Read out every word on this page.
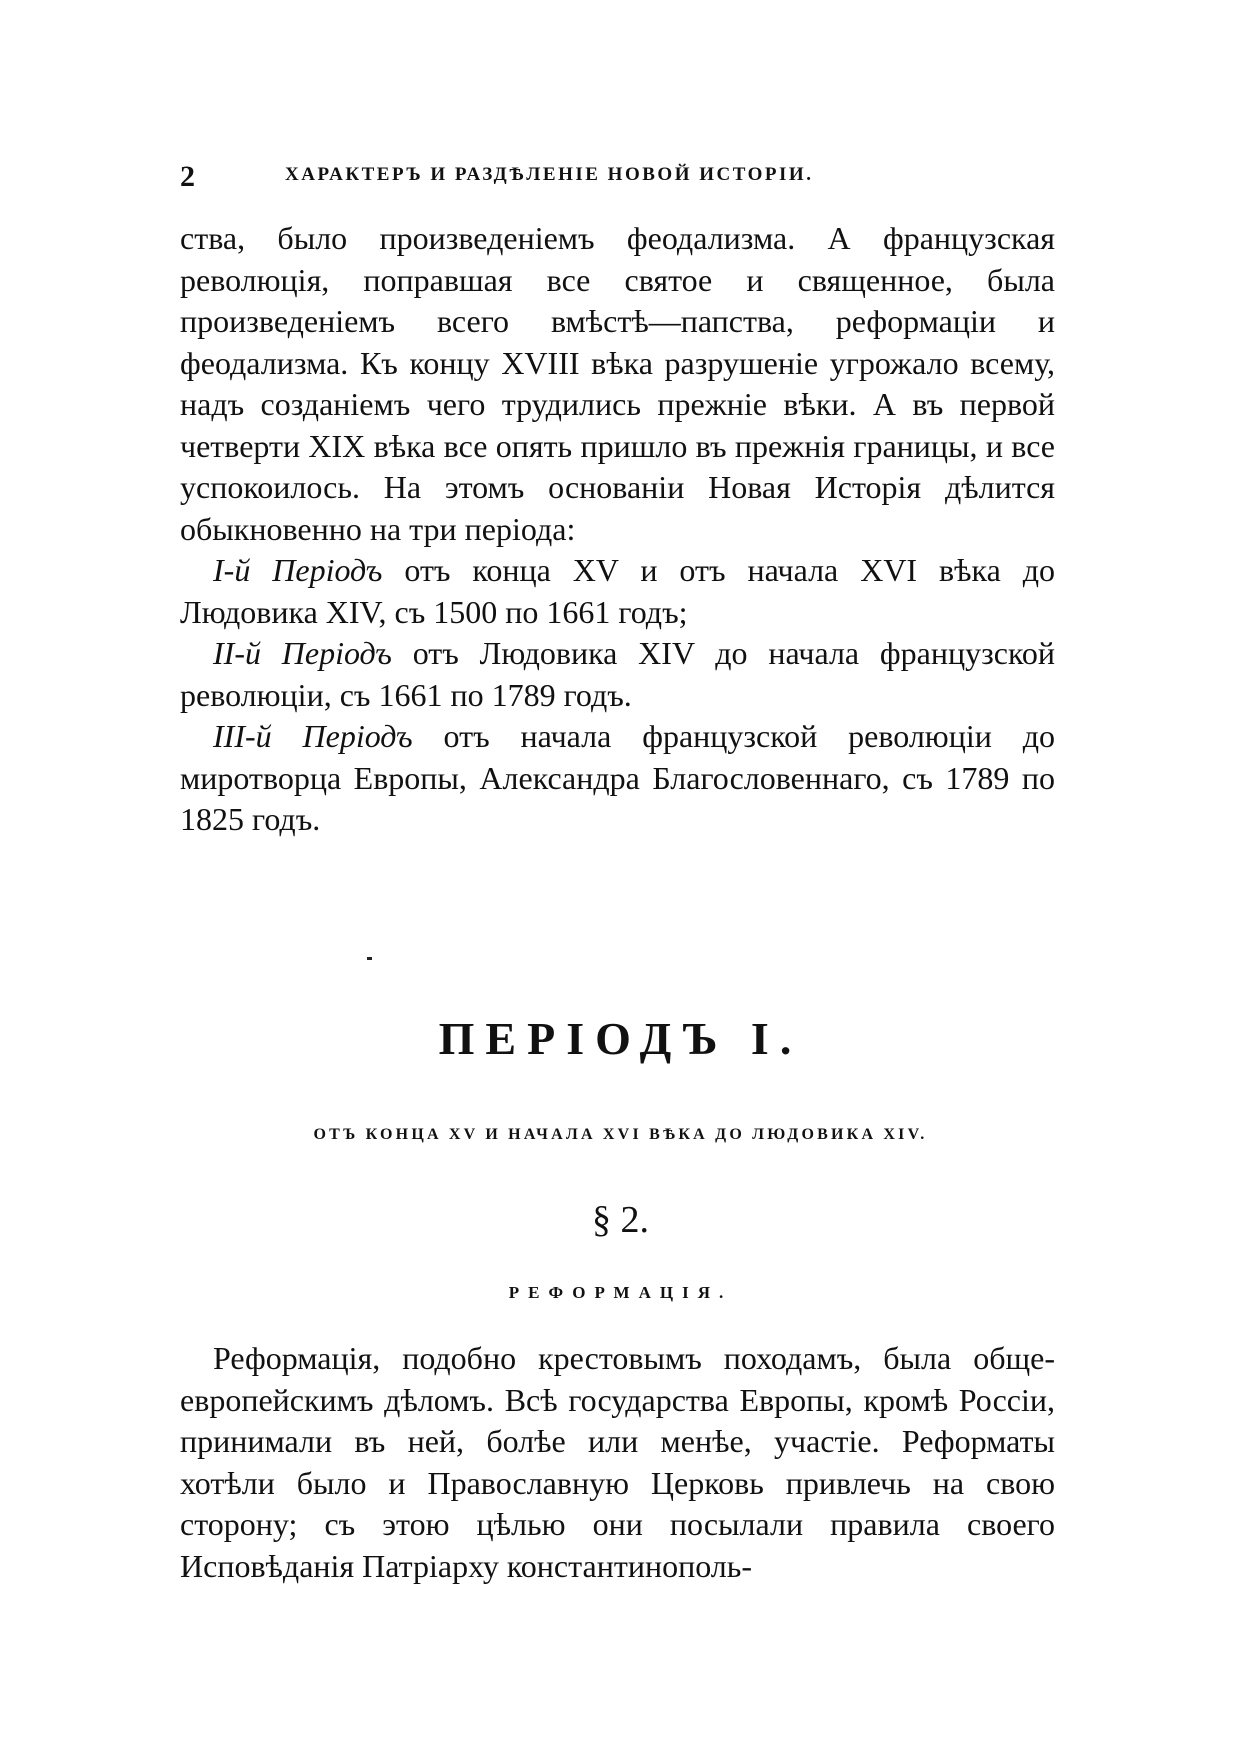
2	ХАРАКТЕРЪ И РАЗДѢЛЕНІЕ НОВОЙ ИСТОРІИ.

ства, было произведеніемъ феодализма. А французская революція, поправшая все святое и священное, была произведеніемъ всего вмѣстѣ—папства, реформаціи и феодализма. Къ концу XVIII вѣка разрушеніе угрожало всему, надъ созданіемъ чего трудились прежніе вѣки. А въ первой четверти XIX вѣка все опять пришло въ прежнія границы, и все успокоилось. На этомъ основаніи Новая Исторія дѣлится обыкновенно на три періода:

I-й Періодъ отъ конца XV и отъ начала XVI вѣка до Людовика XIV, съ 1500 по 1661 годъ;

II-й Періодъ отъ Людовика XIV до начала французской революціи, съ 1661 по 1789 годъ.

III-й Періодъ отъ начала французской революціи до миротворца Европы, Александра Благословеннаго, съ 1789 по 1825 годъ.

ПЕРІОДЪ I.
ОТЪ КОНЦА XV И НАЧАЛА XVI ВѢКА ДО ЛЮДОВИКА XIV.
§ 2.
РЕФОРМАЦІЯ.

Реформація, подобно крестовымъ походамъ, была обще-европейскимъ дѣломъ. Всѣ государства Европы, кромѣ Россіи, принимали въ ней, болѣе или менѣе, участіе. Реформаты хотѣли было и Православную Церковь привлечь на свою сторону; съ этою цѣлью они посылали правила своего Исповѣданія Патріарху константинополь-
